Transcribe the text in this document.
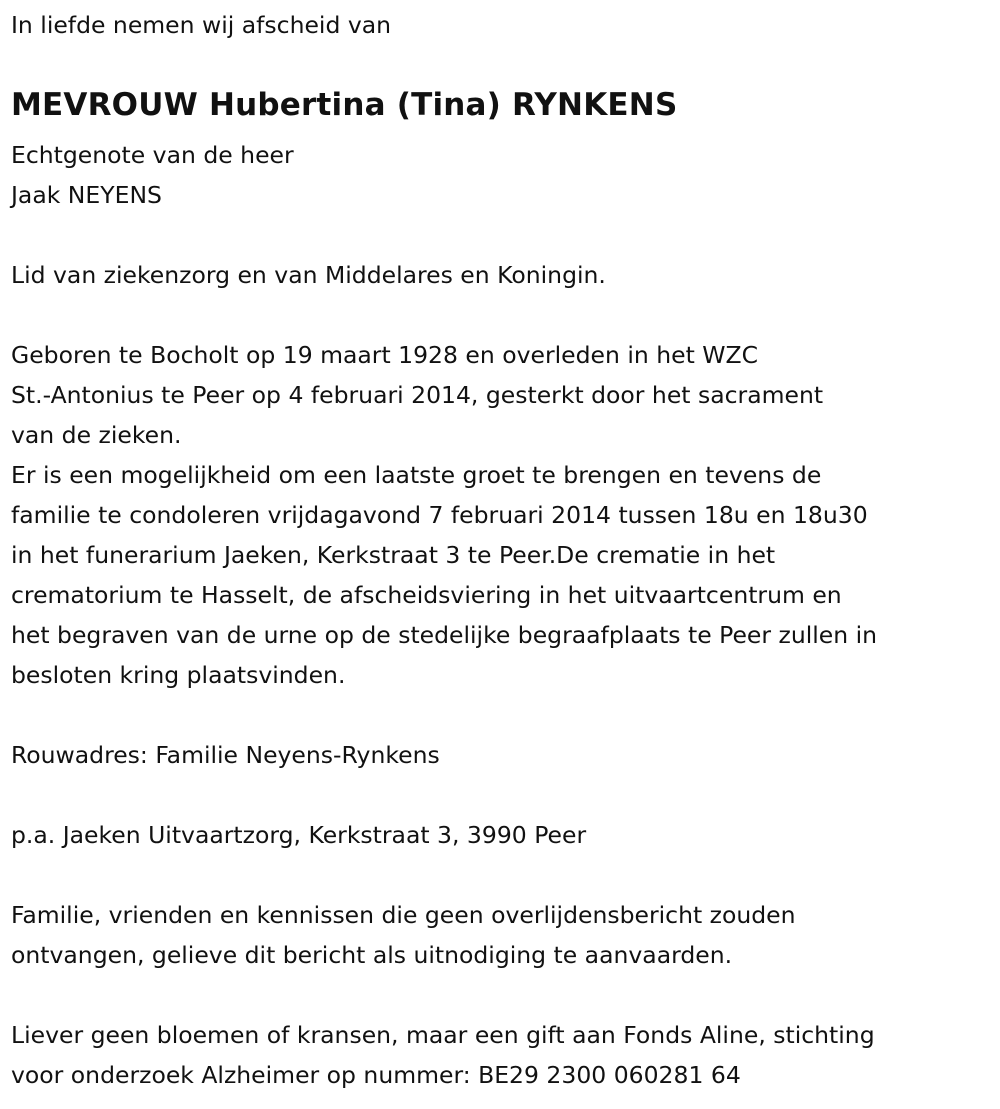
In liefde nemen wij afscheid van
MEVROUW Hubertina (Tina) RYNKENS
Echtgenote van de heer
Jaak NEYENS
Lid van ziekenzorg en van Middelares en Koningin.
Geboren te Bocholt op 19 maart 1928 en overleden in het WZC
St.-Antonius te Peer op 4 februari 2014, gesterkt door het sacrament
van de zieken.
Er is een mogelijkheid om een laatste groet te brengen en tevens de
familie te condoleren vrijdagavond 7 februari 2014 tussen 18u en 18u30
in het funerarium Jaeken, Kerkstraat 3 te Peer.De crematie in het
crematorium te Hasselt, de afscheidsviering in het uitvaartcentrum en
het begraven van de urne op de stedelijke begraafplaats te Peer zullen in
besloten kring plaatsvinden.
Rouwadres: Familie Neyens-Rynkens
p.a. Jaeken Uitvaartzorg, Kerkstraat 3, 3990 Peer
Familie, vrienden en kennissen die geen overlijdensbericht zouden
ontvangen, gelieve dit bericht als uitnodiging te aanvaarden.
Liever geen bloemen of kransen, maar een gift aan Fonds Aline, stichting
voor onderzoek Alzheimer op nummer: BE29 2300 060281 64
